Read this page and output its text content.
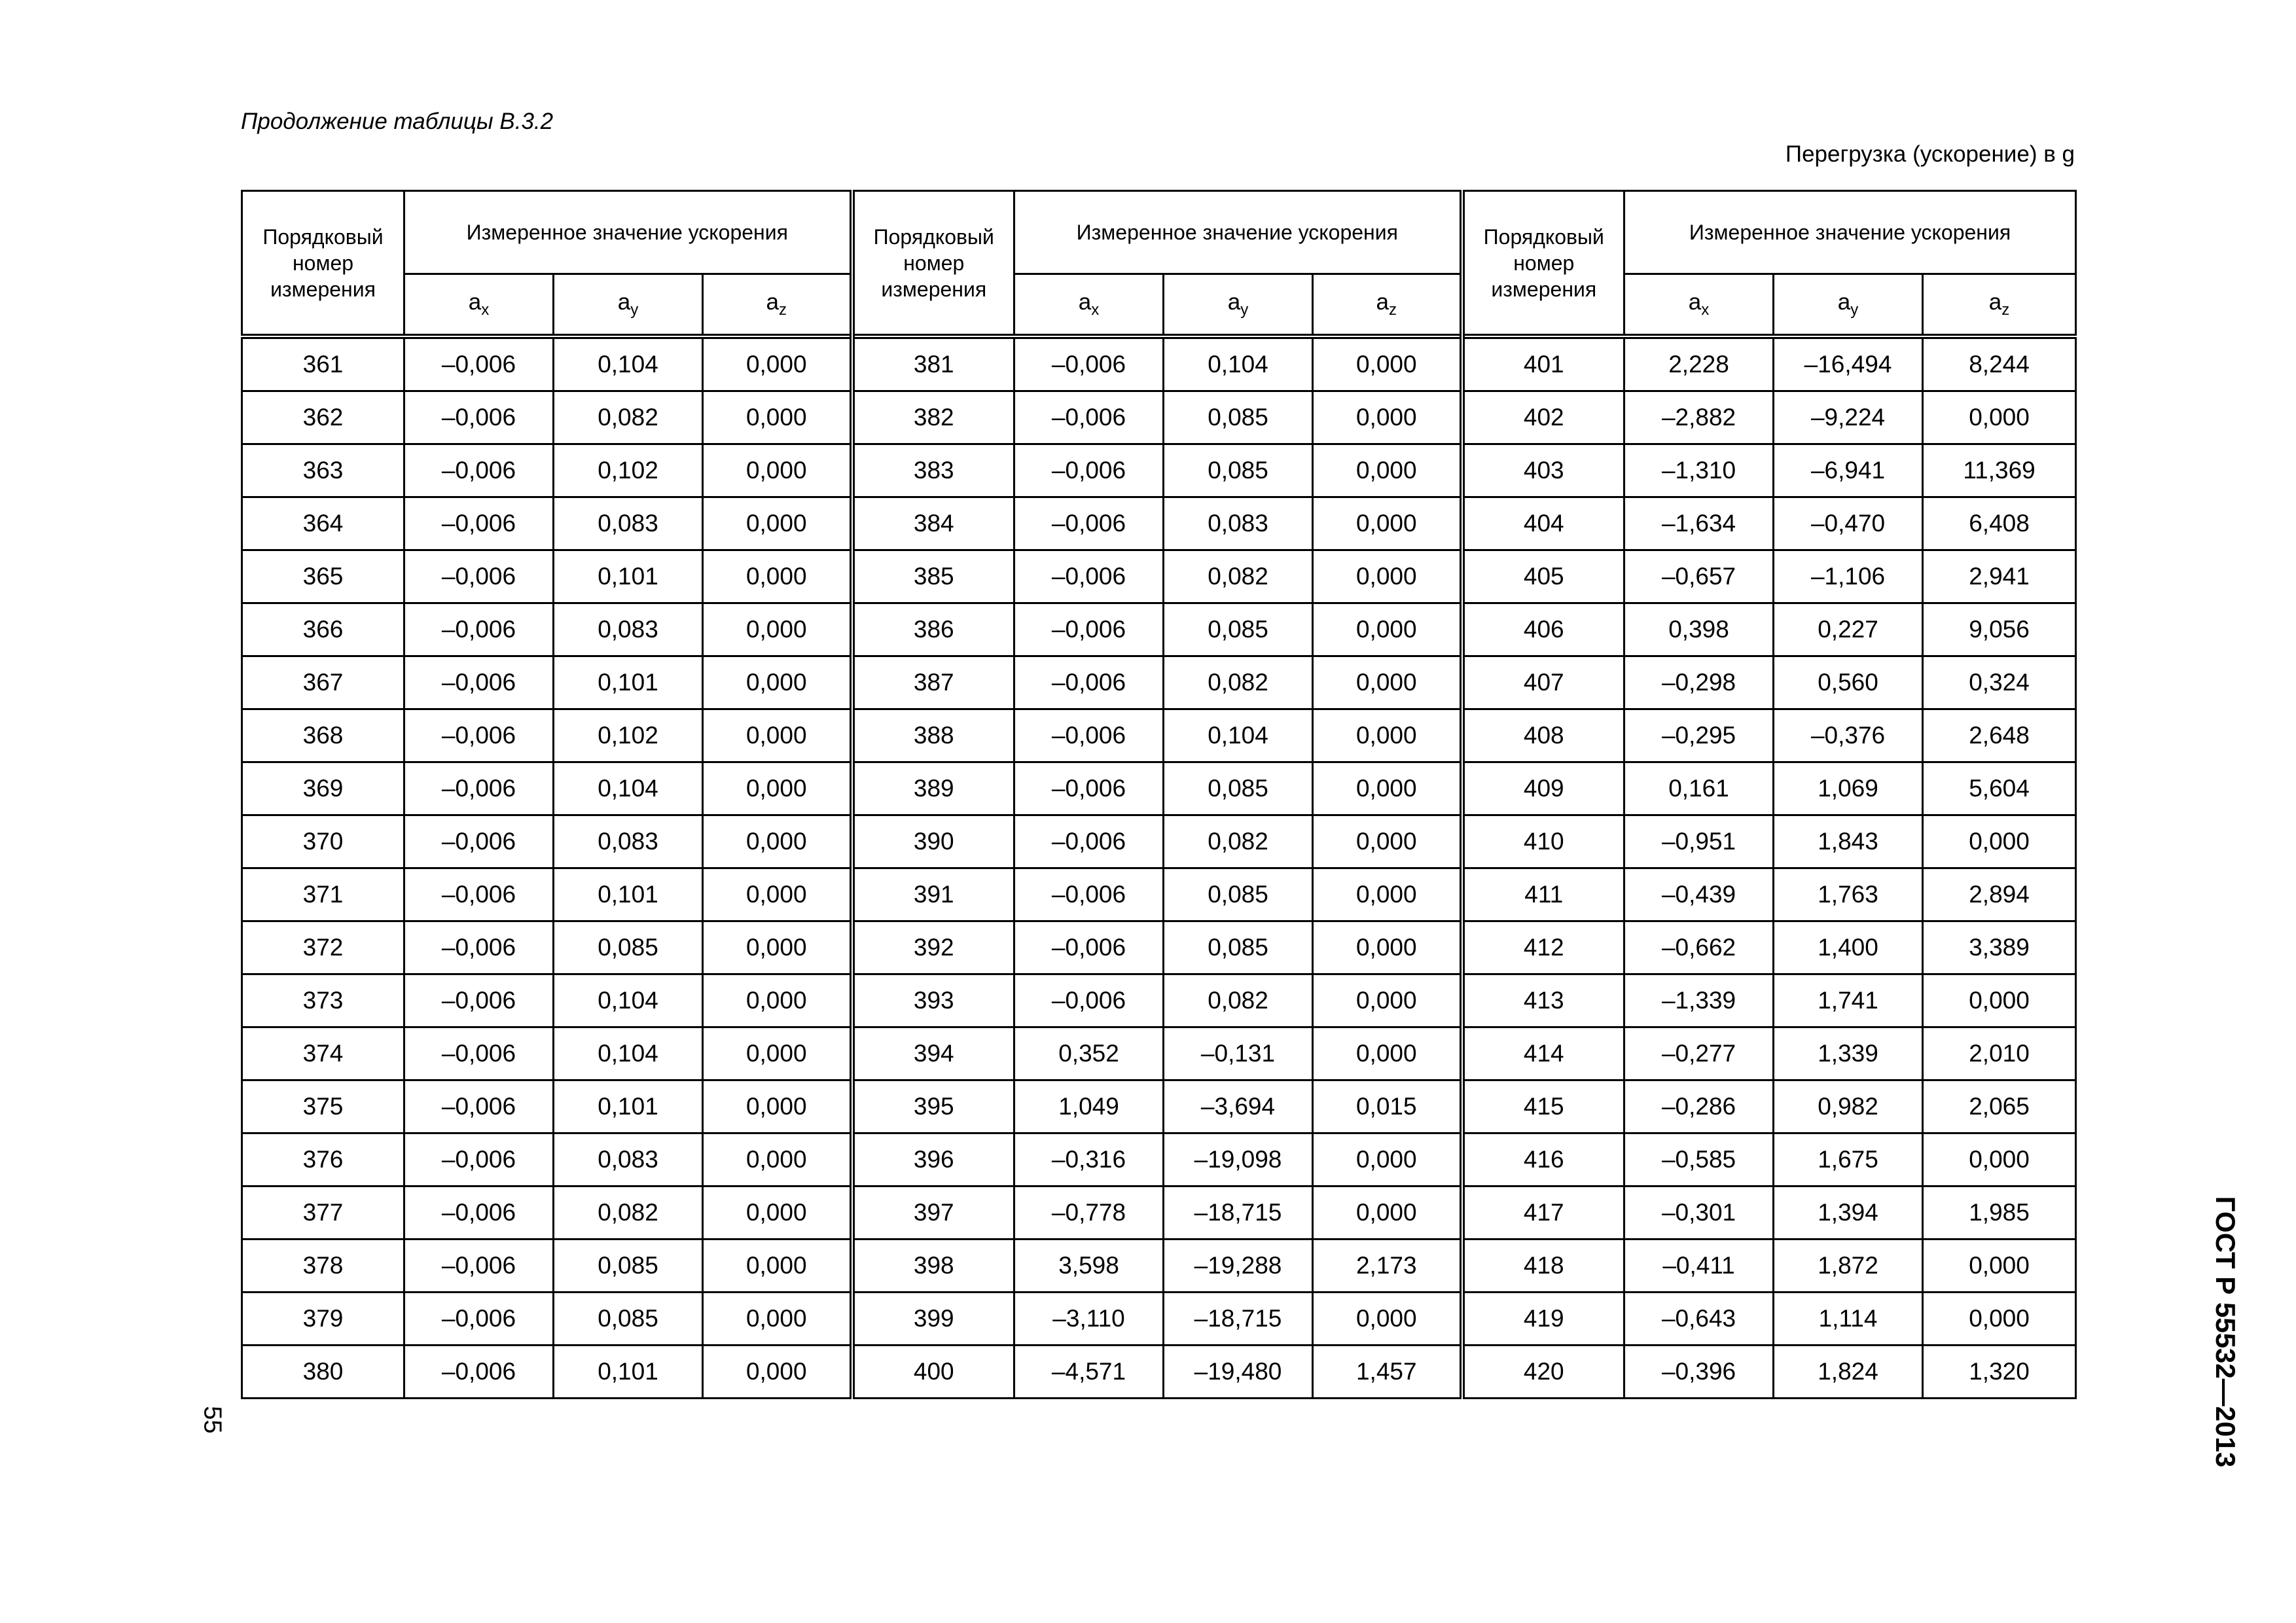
Продолжение таблицы В.3.2
Перегрузка (ускорение) в g
Порядковый номер измерения	Измеренное значение ускорения			Порядковый номер измерения	Измеренное значение ускорения			Порядковый номер измерения	Измеренное значение ускорения		
	$a_x$	$a_y$	$a_z$		$a_x$	$a_y$	$a_z$		$a_x$	$a_y$	$a_z$
361	–0,006	0,104	0,000	381	–0,006	0,104	0,000	401	2,228	–16,494	8,244
362	–0,006	0,082	0,000	382	–0,006	0,085	0,000	402	–2,882	–9,224	0,000
363	–0,006	0,102	0,000	383	–0,006	0,085	0,000	403	–1,310	–6,941	11,369
364	–0,006	0,083	0,000	384	–0,006	0,083	0,000	404	–1,634	–0,470	6,408
365	–0,006	0,101	0,000	385	–0,006	0,082	0,000	405	–0,657	–1,106	2,941
366	–0,006	0,083	0,000	386	–0,006	0,085	0,000	406	0,398	0,227	9,056
367	–0,006	0,101	0,000	387	–0,006	0,082	0,000	407	–0,298	0,560	0,324
368	–0,006	0,102	0,000	388	–0,006	0,104	0,000	408	–0,295	–0,376	2,648
369	–0,006	0,104	0,000	389	–0,006	0,085	0,000	409	0,161	1,069	5,604
370	–0,006	0,083	0,000	390	–0,006	0,082	0,000	410	–0,951	1,843	0,000
371	–0,006	0,101	0,000	391	–0,006	0,085	0,000	411	–0,439	1,763	2,894
372	–0,006	0,085	0,000	392	–0,006	0,085	0,000	412	–0,662	1,400	3,389
373	–0,006	0,104	0,000	393	–0,006	0,082	0,000	413	–1,339	1,741	0,000
374	–0,006	0,104	0,000	394	0,352	–0,131	0,000	414	–0,277	1,339	2,010
375	–0,006	0,101	0,000	395	1,049	–3,694	0,015	415	–0,286	0,982	2,065
376	–0,006	0,083	0,000	396	–0,316	–19,098	0,000	416	–0,585	1,675	0,000
377	–0,006	0,082	0,000	397	–0,778	–18,715	0,000	417	–0,301	1,394	1,985
378	–0,006	0,085	0,000	398	3,598	–19,288	2,173	418	–0,411	1,872	0,000
379	–0,006	0,085	0,000	399	–3,110	–18,715	0,000	419	–0,643	1,114	0,000
380	–0,006	0,101	0,000	400	–4,571	–19,480	1,457	420	–0,396	1,824	1,320
55	ГОСТ Р 55532—2013
